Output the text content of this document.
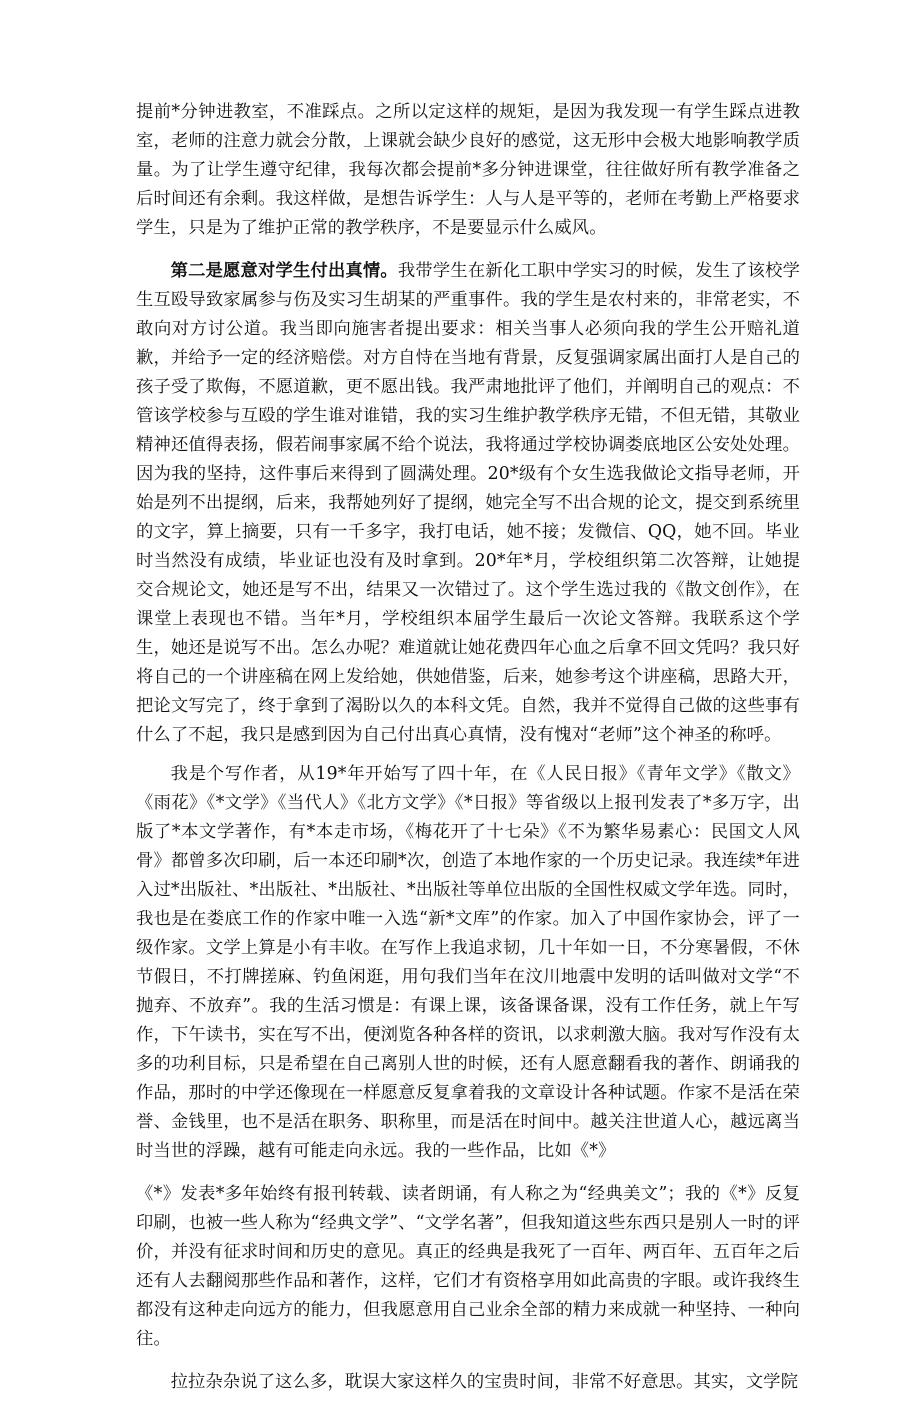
提前*分钟进教室，不准踩点。之所以定这样的规矩，是因为我发现一有学生踩点进教室，老师的注意力就会分散，上课就会缺少良好的感觉，这无形中会极大地影响教学质量。为了让学生遵守纪律，我每次都会提前*多分钟进课堂，往往做好所有教学准备之后时间还有余剩。我这样做，是想告诉学生：人与人是平等的，老师在考勤上严格要求学生，只是为了维护正常的教学秩序，不是要显示什么威风。

第二是愿意对学生付出真情。我带学生在新化工职中学实习的时候，发生了该校学生互殴导致家属参与伤及实习生胡某的严重事件。我的学生是农村来的，非常老实，不敢向对方讨公道。我当即向施害者提出要求：相关当事人必须向我的学生公开赔礼道歉，并给予一定的经济赔偿。对方自恃在当地有背景，反复强调家属出面打人是自己的孩子受了欺侮，不愿道歉，更不愿出钱。我严肃地批评了他们，并阐明自己的观点：不管该学校参与互殴的学生谁对谁错，我的实习生维护教学秩序无错，不但无错，其敬业精神还值得表扬，假若闹事家属不给个说法，我将通过学校协调娄底地区公安处处理。因为我的坚持，这件事后来得到了圆满处理。20*级有个女生选我做论文指导老师，开始是列不出提纲，后来，我帮她列好了提纲，她完全写不出合规的论文，提交到系统里的文字，算上摘要，只有一千多字，我打电话，她不接；发微信、QQ，她不回。毕业时当然没有成绩，毕业证也没有及时拿到。20*年*月，学校组织第二次答辩，让她提交合规论文，她还是写不出，结果又一次错过了。这个学生选过我的《散文创作》，在课堂上表现也不错。当年*月，学校组织本届学生最后一次论文答辩。我联系这个学生，她还是说写不出。怎么办呢？难道就让她花费四年心血之后拿不回文凭吗？我只好将自己的一个讲座稿在网上发给她，供她借鉴，后来，她参考这个讲座稿，思路大开，把论文写完了，终于拿到了渴盼以久的本科文凭。自然，我并不觉得自己做的这些事有什么了不起，我只是感到因为自己付出真心真情，没有愧对“老师”这个神圣的称呼。

我是个写作者，从19*年开始写了四十年，在《人民日报》《青年文学》《散文》《雨花》《*文学》《当代人》《北方文学》《*日报》等省级以上报刊发表了*多万字，出版了*本文学著作，有*本走市场，《梅花开了十七朵》《不为繁华易素心：民国文人风骨》都曾多次印刷，后一本还印刷*次，创造了本地作家的一个历史记录。我连续*年进入过*出版社、*出版社、*出版社、*出版社等单位出版的全国性权威文学年选。同时，我也是在娄底工作的作家中唯一入选“新*文库”的作家。加入了中国作家协会，评了一级作家。文学上算是小有丰收。在写作上我追求韧，几十年如一日，不分寒暑假，不休节假日，不打牌搓麻、钓鱼闲逛，用句我们当年在汶川地震中发明的话叫做对文学“不抛弃、不放弃”。我的生活习惯是：有课上课，该备课备课，没有工作任务，就上午写作，下午读书，实在写不出，便浏览各种各样的资讯，以求刺激大脑。我对写作没有太多的功利目标，只是希望在自己离别人世的时候，还有人愿意翻看我的著作、朗诵我的作品，那时的中学还像现在一样愿意反复拿着我的文章设计各种试题。作家不是活在荣誉、金钱里，也不是活在职务、职称里，而是活在时间中。越关注世道人心，越远离当时当世的浮躁，越有可能走向永远。我的一些作品，比如《*》

《*》发表*多年始终有报刊转载、读者朗诵，有人称之为“经典美文”；我的《*》反复印刷，也被一些人称为“经典文学”、“文学名著”，但我知道这些东西只是别人一时的评价，并没有征求时间和历史的意见。真正的经典是我死了一百年、两百年、五百年之后还有人去翻阅那些作品和著作，这样，它们才有资格享用如此高贵的字眼。或许我终生都没有这种走向远方的能力，但我愿意用自己业余全部的精力来成就一种坚持、一种向往。

拉拉杂杂说了这么多，耽误大家这样久的宝贵时间，非常不好意思。其实，文学院
